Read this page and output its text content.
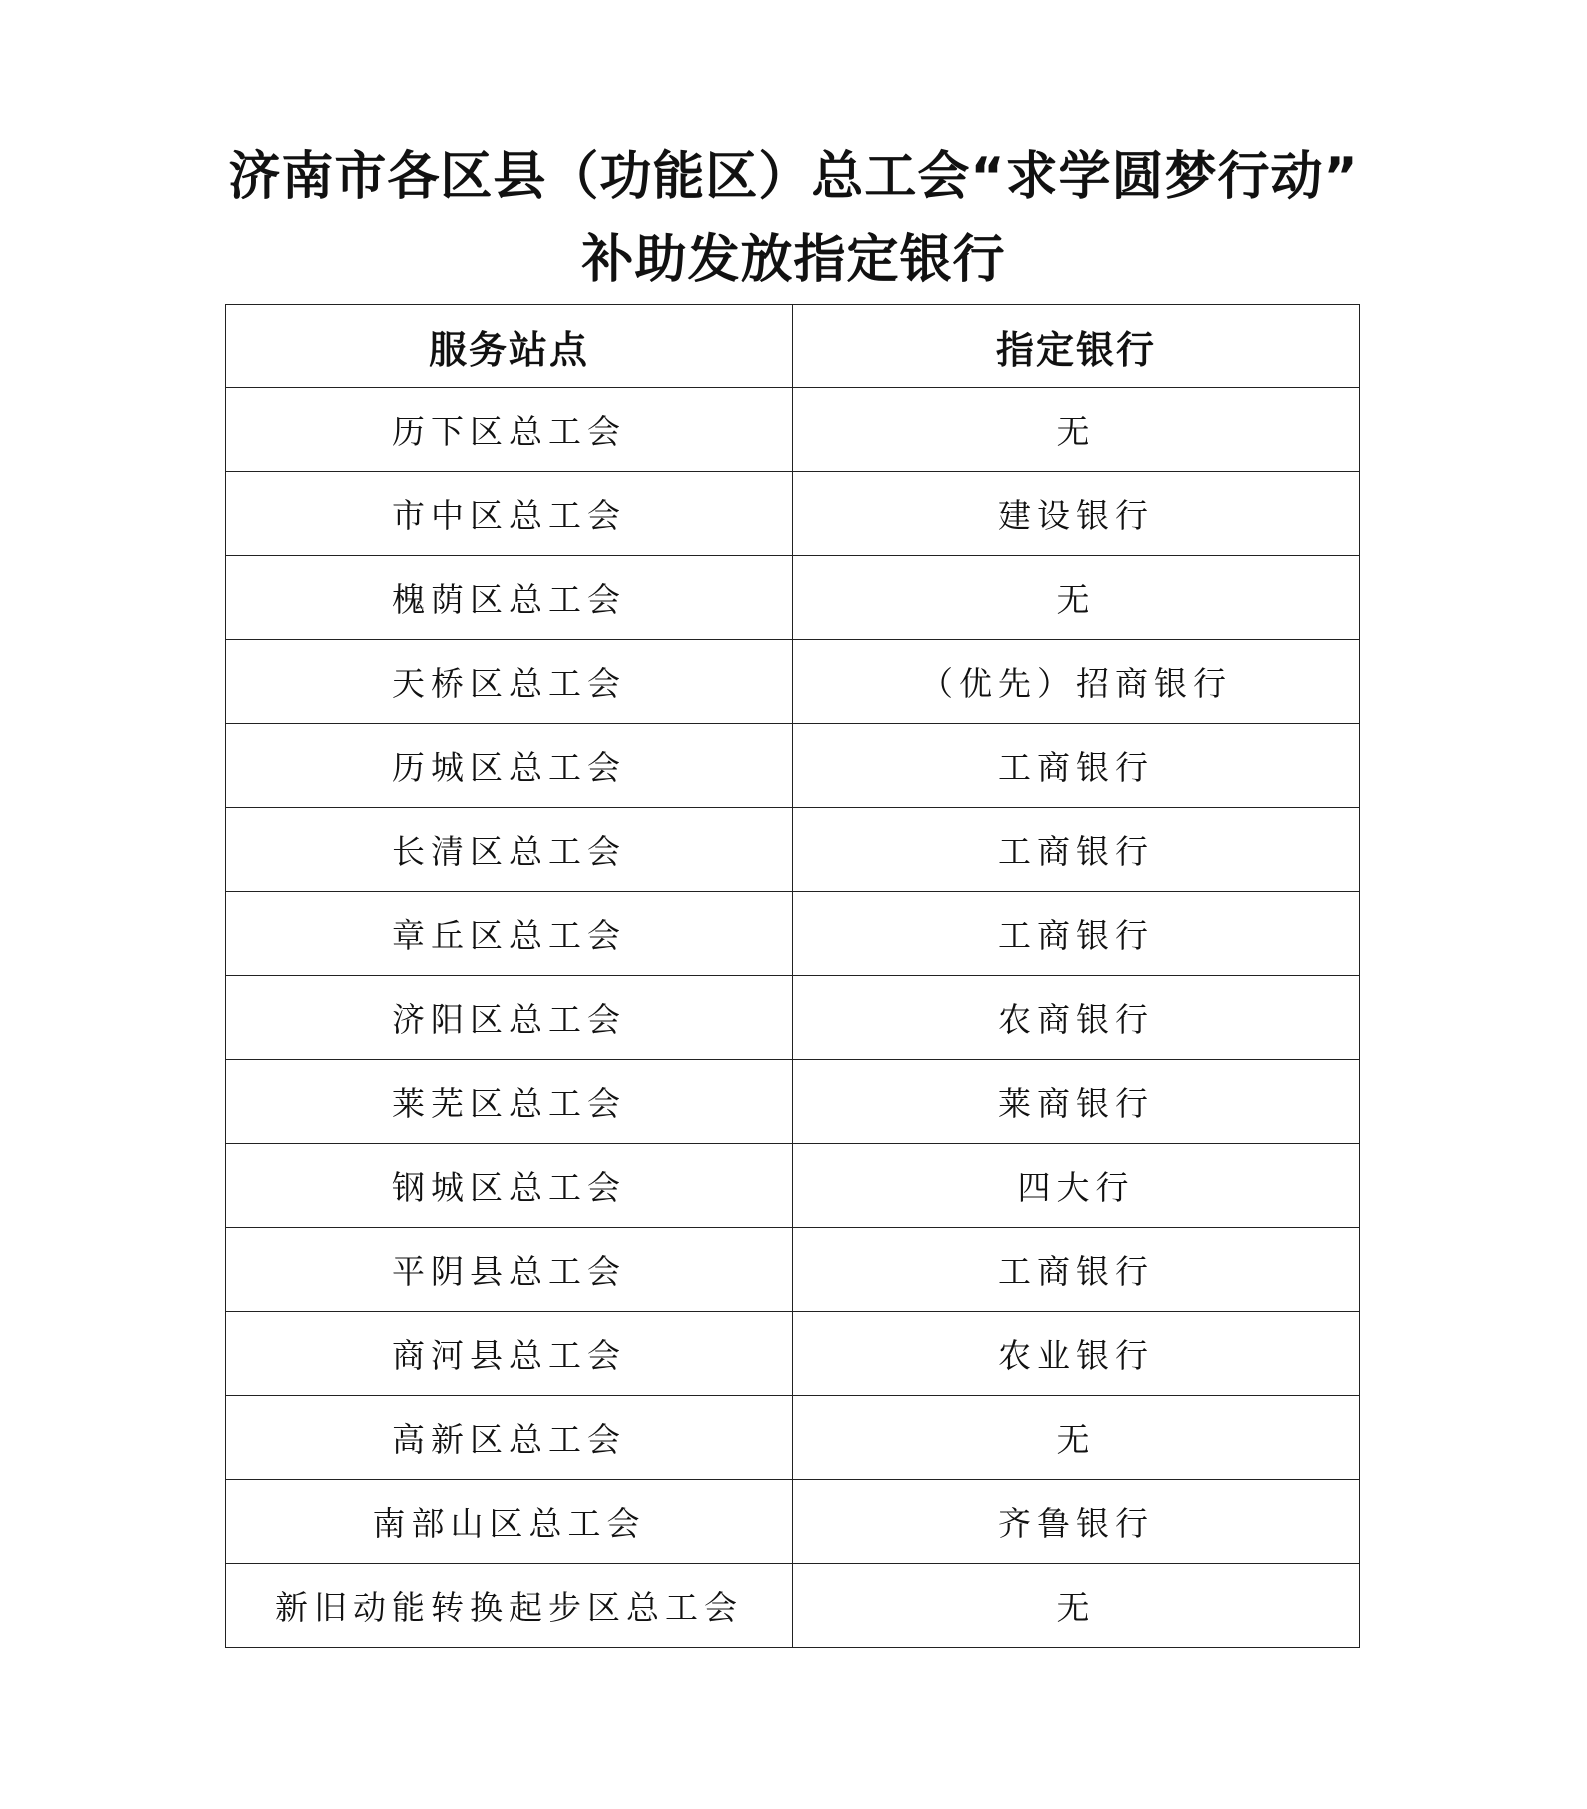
济南市各区县（功能区）总工会“求学圆梦行动”
补助发放指定银行
服务站点	指定银行
历下区总工会	无
市中区总工会	建设银行
槐荫区总工会	无
天桥区总工会	（优先）招商银行
历城区总工会	工商银行
长清区总工会	工商银行
章丘区总工会	工商银行
济阳区总工会	农商银行
莱芜区总工会	莱商银行
钢城区总工会	四大行
平阴县总工会	工商银行
商河县总工会	农业银行
高新区总工会	无
南部山区总工会	齐鲁银行
新旧动能转换起步区总工会	无
